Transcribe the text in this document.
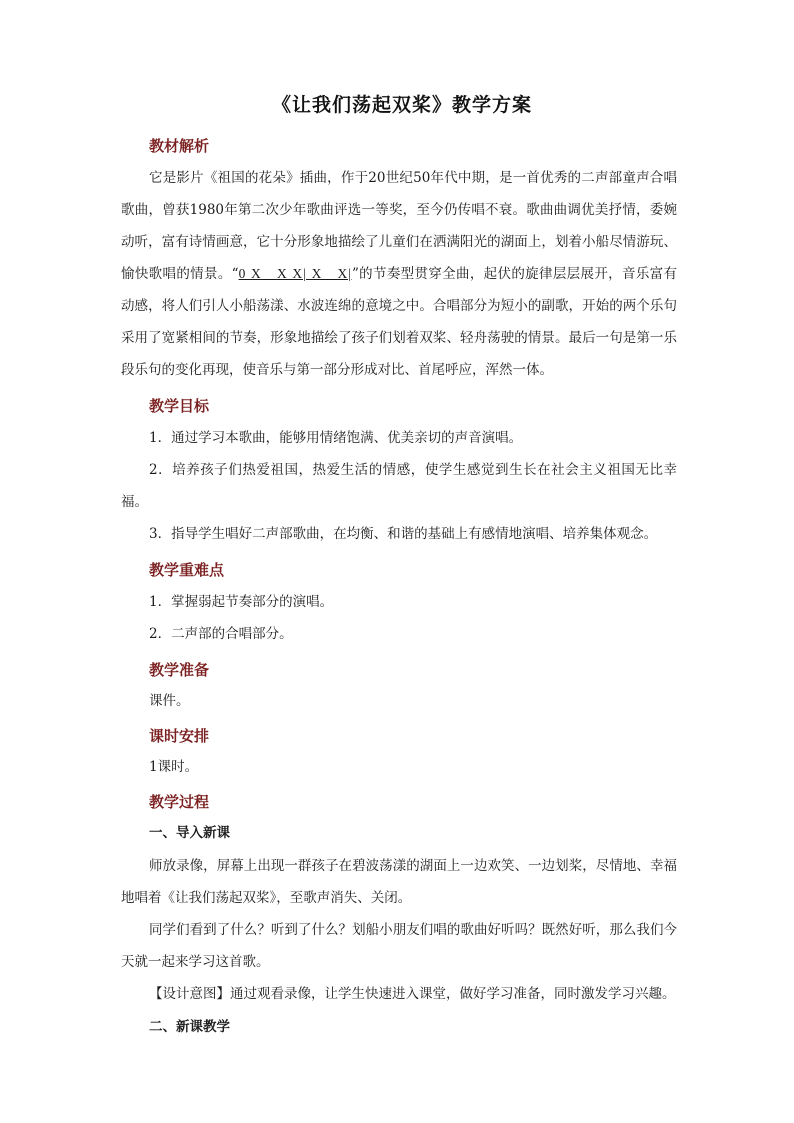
《让我们荡起双桨》教学方案
教材解析

它是影片《祖国的花朵》插曲，作于20世纪50年代中期，是一首优秀的二声部童声合唱歌曲，曾获1980年第二次少年歌曲评选一等奖，至今仍传唱不衰。歌曲曲调优美抒情，委婉动听，富有诗情画意，它十分形象地描绘了儿童们在洒满阳光的湖面上，划着小船尽情游玩、愉快歌唱的情景。“0 X　X X| X　X|”的节奏型贯穿全曲，起伏的旋律层层展开，音乐富有动感，将人们引人小船荡漾、水波连绵的意境之中。合唱部分为短小的副歌，开始的两个乐句采用了宽紧相间的节奏，形象地描绘了孩子们划着双桨、轻舟荡驶的情景。最后一句是第一乐段乐句的变化再现，使音乐与第一部分形成对比、首尾呼应，浑然一体。

教学目标

1．通过学习本歌曲，能够用情绪饱满、优美亲切的声音演唱。

2．培养孩子们热爱祖国，热爱生活的情感，使学生感觉到生长在社会主义祖国无比幸福。

3．指导学生唱好二声部歌曲，在均衡、和谐的基础上有感情地演唱、培养集体观念。

教学重难点

1．掌握弱起节奏部分的演唱。

2．二声部的合唱部分。

教学准备

课件。

课时安排

1课时。

教学过程
一、导入新课

师放录像，屏幕上出现一群孩子在碧波荡漾的湖面上一边欢笑、一边划桨，尽情地、幸福地唱着《让我们荡起双桨》，至歌声消失、关闭。

同学们看到了什么？听到了什么？划船小朋友们唱的歌曲好听吗？既然好听，那么我们今天就一起来学习这首歌。

【设计意图】通过观看录像，让学生快速进入课堂，做好学习准备，同时激发学习兴趣。

二、新课教学
